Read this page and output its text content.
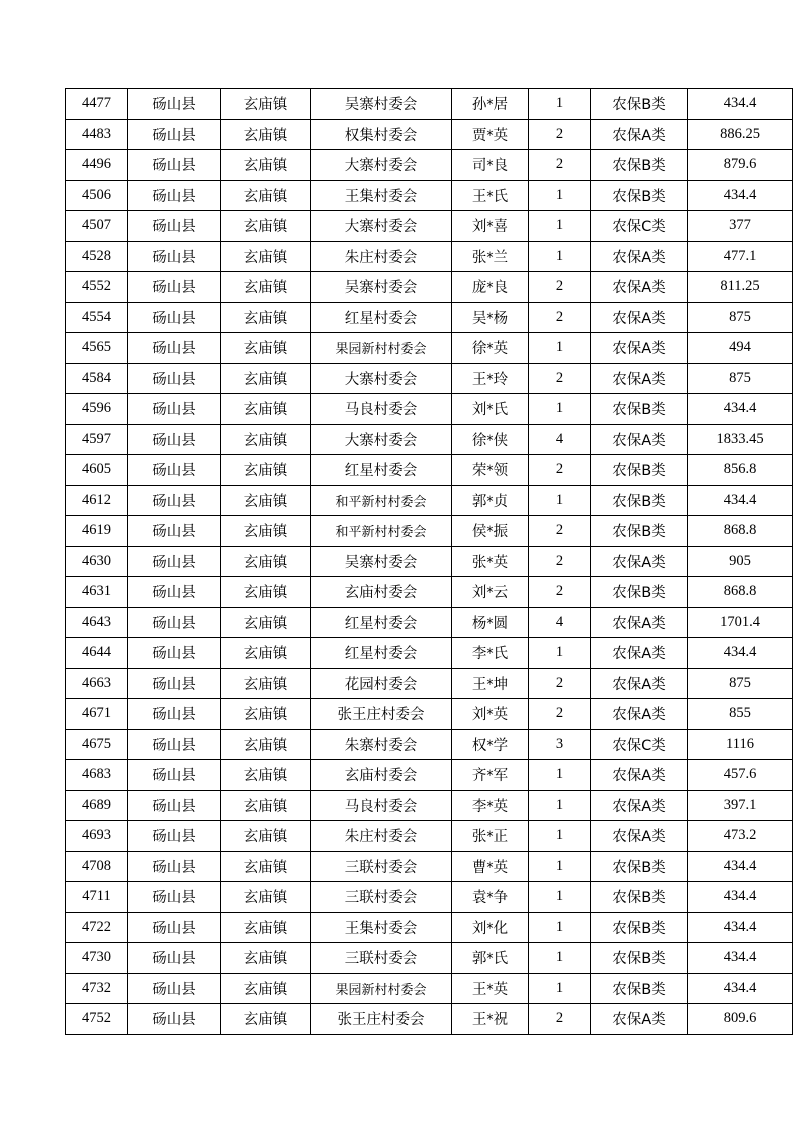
4477	砀山县	玄庙镇	吴寨村委会	孙*居	1	农保B类	434.4
4483	砀山县	玄庙镇	权集村委会	贾*英	2	农保A类	886.25
4496	砀山县	玄庙镇	大寨村委会	司*良	2	农保B类	879.6
4506	砀山县	玄庙镇	王集村委会	王*氏	1	农保B类	434.4
4507	砀山县	玄庙镇	大寨村委会	刘*喜	1	农保C类	377
4528	砀山县	玄庙镇	朱庄村委会	张*兰	1	农保A类	477.1
4552	砀山县	玄庙镇	吴寨村委会	庞*良	2	农保A类	811.25
4554	砀山县	玄庙镇	红星村委会	吴*杨	2	农保A类	875
4565	砀山县	玄庙镇	果园新村村委会	徐*英	1	农保A类	494
4584	砀山县	玄庙镇	大寨村委会	王*玲	2	农保A类	875
4596	砀山县	玄庙镇	马良村委会	刘*氏	1	农保B类	434.4
4597	砀山县	玄庙镇	大寨村委会	徐*侠	4	农保A类	1833.45
4605	砀山县	玄庙镇	红星村委会	荣*领	2	农保B类	856.8
4612	砀山县	玄庙镇	和平新村村委会	郭*贞	1	农保B类	434.4
4619	砀山县	玄庙镇	和平新村村委会	侯*振	2	农保B类	868.8
4630	砀山县	玄庙镇	吴寨村委会	张*英	2	农保A类	905
4631	砀山县	玄庙镇	玄庙村委会	刘*云	2	农保B类	868.8
4643	砀山县	玄庙镇	红星村委会	杨*圆	4	农保A类	1701.4
4644	砀山县	玄庙镇	红星村委会	李*氏	1	农保A类	434.4
4663	砀山县	玄庙镇	花园村委会	王*坤	2	农保A类	875
4671	砀山县	玄庙镇	张王庄村委会	刘*英	2	农保A类	855
4675	砀山县	玄庙镇	朱寨村委会	权*学	3	农保C类	1116
4683	砀山县	玄庙镇	玄庙村委会	齐*军	1	农保A类	457.6
4689	砀山县	玄庙镇	马良村委会	李*英	1	农保A类	397.1
4693	砀山县	玄庙镇	朱庄村委会	张*正	1	农保A类	473.2
4708	砀山县	玄庙镇	三联村委会	曹*英	1	农保B类	434.4
4711	砀山县	玄庙镇	三联村委会	袁*争	1	农保B类	434.4
4722	砀山县	玄庙镇	王集村委会	刘*化	1	农保B类	434.4
4730	砀山县	玄庙镇	三联村委会	郭*氏	1	农保B类	434.4
4732	砀山县	玄庙镇	果园新村村委会	王*英	1	农保B类	434.4
4752	砀山县	玄庙镇	张王庄村委会	王*祝	2	农保A类	809.6
